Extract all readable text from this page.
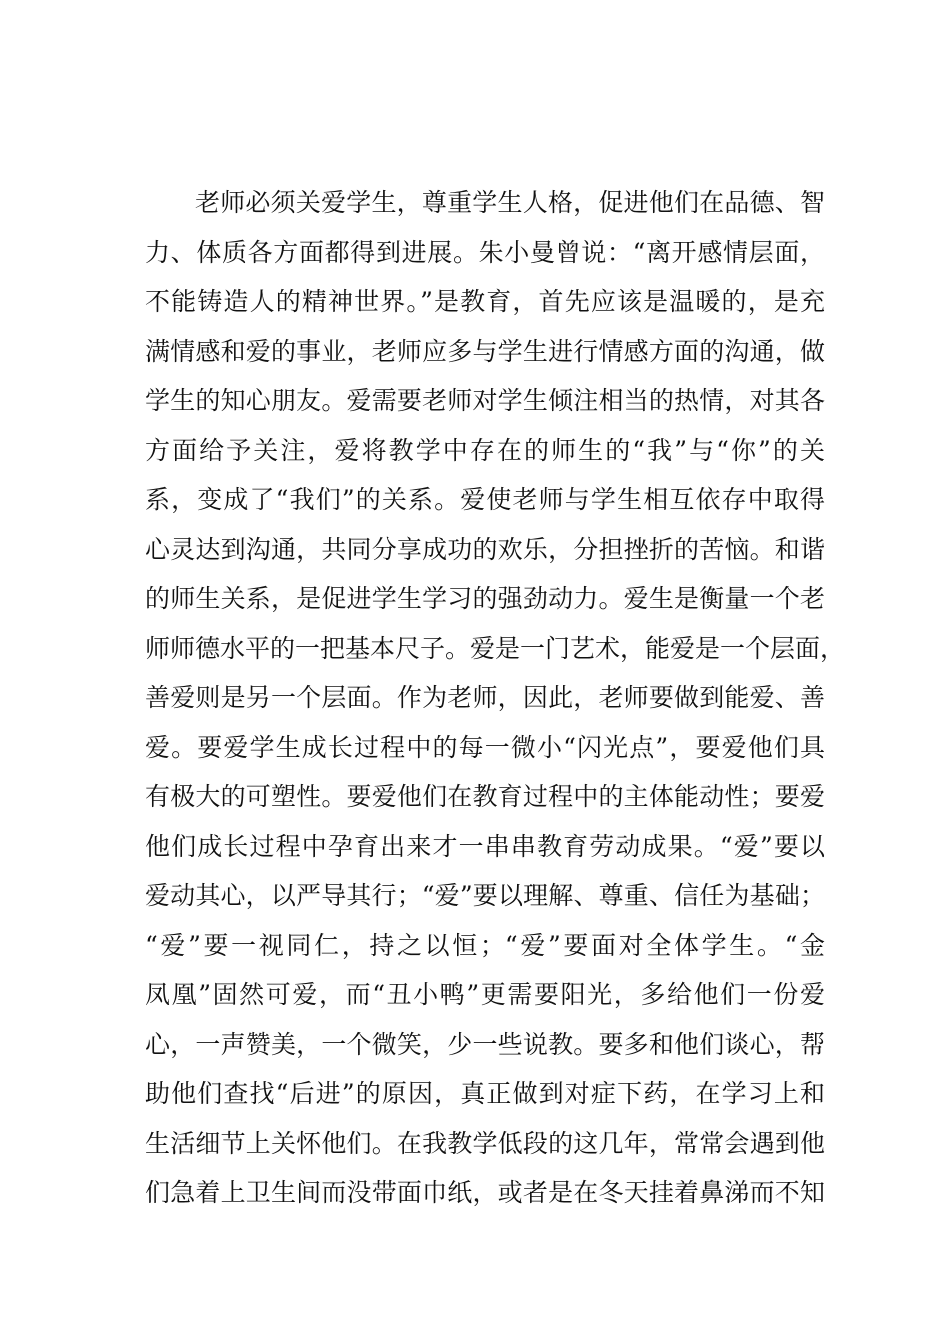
老师必须关爱学生，尊重学生人格，促进他们在品德、智
力、体质各方面都得到进展。朱小曼曾说：“离开感情层面，
不能铸造人的精神世界。”是教育，首先应该是温暖的，是充
满情感和爱的事业，老师应多与学生进行情感方面的沟通，做
学生的知心朋友。爱需要老师对学生倾注相当的热情，对其各
方面给予关注，爱将教学中存在的师生的“我”与“你”的关
系，变成了“我们”的关系。爱使老师与学生相互依存中取得
心灵达到沟通，共同分享成功的欢乐，分担挫折的苦恼。和谐
的师生关系，是促进学生学习的强劲动力。爱生是衡量一个老
师师德水平的一把基本尺子。爱是一门艺术，能爱是一个层面，
善爱则是另一个层面。作为老师，因此，老师要做到能爱、善
爱。要爱学生成长过程中的每一微小“闪光点”，要爱他们具
有极大的可塑性。要爱他们在教育过程中的主体能动性；要爱
他们成长过程中孕育出来才一串串教育劳动成果。“爱”要以
爱动其心，以严导其行；“爱”要以理解、尊重、信任为基础；
“爱”要一视同仁，持之以恒；“爱”要面对全体学生。“金
凤凰”固然可爱，而“丑小鸭”更需要阳光，多给他们一份爱
心，一声赞美，一个微笑，少一些说教。要多和他们谈心，帮
助他们查找“后进”的原因，真正做到对症下药，在学习上和
生活细节上关怀他们。在我教学低段的这几年，常常会遇到他
们急着上卫生间而没带面巾纸，或者是在冬天挂着鼻涕而不知
